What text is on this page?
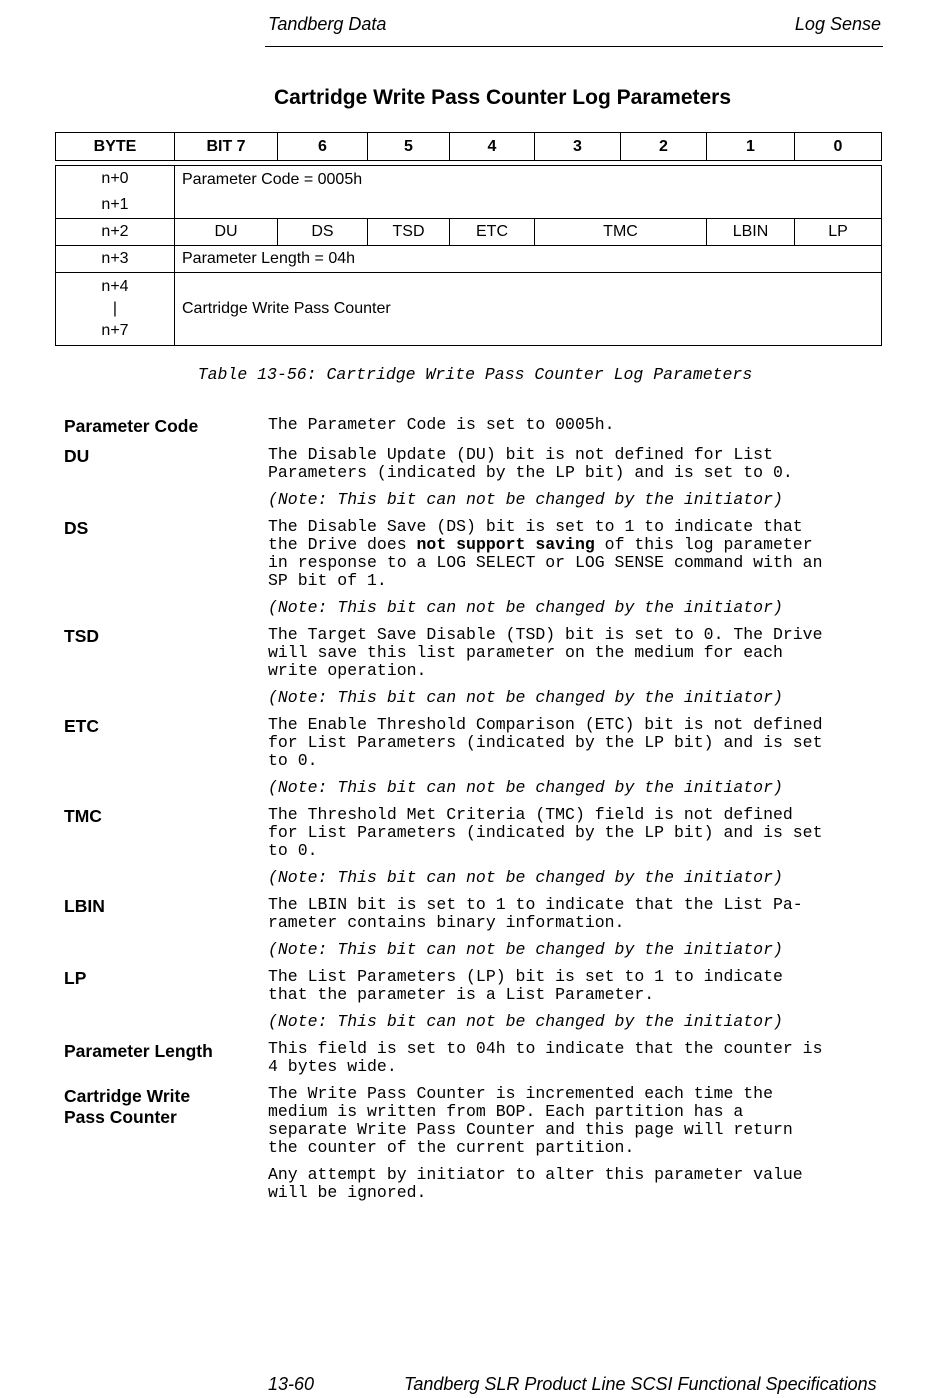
Tandberg Data	Log Sense
Cartridge Write Pass Counter Log Parameters
BYTE	BIT 7	6	5	4	3	2	1	0
n+0
n+1	Parameter Code = 0005h						
n+2	DU	DS	TSD	ETC	TMC	LBIN	LP
n+3	Parameter Length = 04h						

n+4
|
n+7	Cartridge Write Pass Counter						
Table 13-56: Cartridge Write Pass Counter Log Parameters
Parameter Code	The Parameter Code is set to 0005h.
DU	The Disable Update (DU) bit is not defined for List
Parameters (indicated by the LP bit) and is set to 0.
(Note: This bit can not be changed by the initiator)
DS	The Disable Save (DS) bit is set to 1 to indicate that
the Drive does not support saving of this log parameter
in response to a LOG SELECT or LOG SENSE command with an
SP bit of 1.
(Note: This bit can not be changed by the initiator)
TSD	The Target Save Disable (TSD) bit is set to 0. The Drive
will save this list parameter on the medium for each
write operation.
(Note: This bit can not be changed by the initiator)
ETC	The Enable Threshold Comparison (ETC) bit is not defined
for List Parameters (indicated by the LP bit) and is set
to 0.
(Note: This bit can not be changed by the initiator)
TMC	The Threshold Met Criteria (TMC) field is not defined
for List Parameters (indicated by the LP bit) and is set
to 0.
(Note: This bit can not be changed by the initiator)
LBIN	The LBIN bit is set to 1 to indicate that the List Pa-
rameter contains binary information.
(Note: This bit can not be changed by the initiator)
LP	The List Parameters (LP) bit is set to 1 to indicate
that the parameter is a List Parameter.
(Note: This bit can not be changed by the initiator)
Parameter Length	This field is set to 04h to indicate that the counter is
4 bytes wide.
Cartridge Write
Pass Counter
The Write Pass Counter is incremented each time the
medium is written from BOP. Each partition has a
separate Write Pass Counter and this page will return
the counter of the current partition.
Any attempt by initiator to alter this parameter value
will be ignored.
13-60	Tandberg SLR Product Line SCSI Functional Specifications
